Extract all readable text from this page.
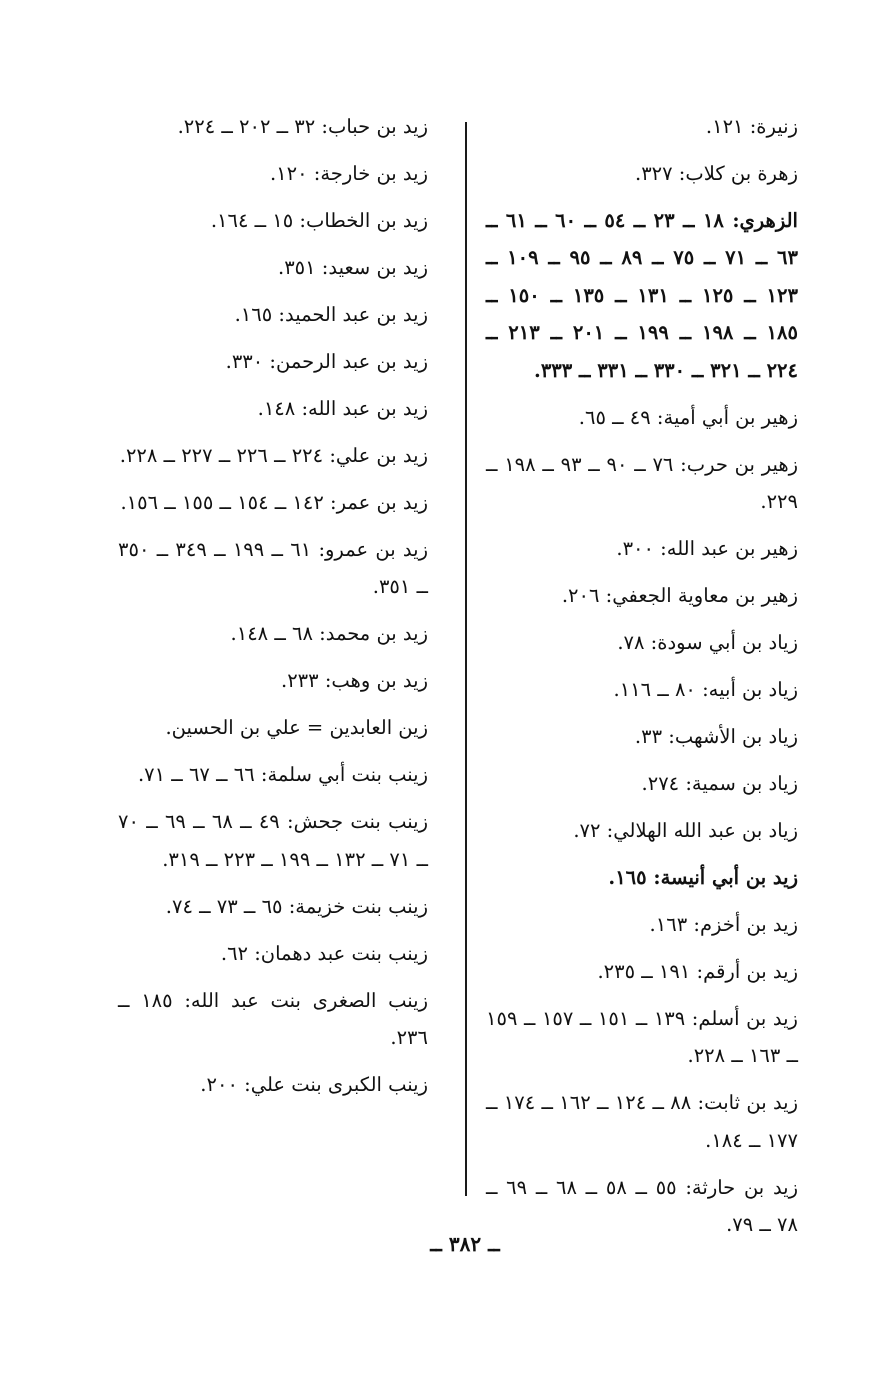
زنيرة: ١٢١.
زهرة بن كلاب: ٣٢٧.
الزهري: ١٨ ــ ٢٣ ــ ٥٤ ــ ٦٠ ــ ٦١ ــ ٦٣ ــ ٧١ ــ ٧٥ ــ ٨٩ ــ ٩٥ ــ ١٠٩ ــ ١٢٣ ــ ١٢٥ ــ ١٣١ ــ ١٣٥ ــ ١٥٠ ــ ١٨٥ ــ ١٩٨ ــ ١٩٩ ــ ٢٠١ ــ ٢١٣ ــ ٢٢٤ ــ ٣٢١ ــ ٣٣٠ ــ ٣٣١ ــ ٣٣٣.
زهير بن أبي أمية: ٤٩ ــ ٦٥.
زهير بن حرب: ٧٦ ــ ٩٠ ــ ٩٣ ــ ١٩٨ ــ ٢٢٩.
زهير بن عبد الله: ٣٠٠.
زهير بن معاوية الجعفي: ٢٠٦.
زياد بن أبي سودة: ٧٨.
زياد بن أبيه: ٨٠ ــ ١١٦.
زياد بن الأشهب: ٣٣.
زياد بن سمية: ٢٧٤.
زياد بن عبد الله الهلالي: ٧٢.
زيد بن أبي أنيسة: ١٦٥.
زيد بن أخزم: ١٦٣.
زيد بن أرقم: ١٩١ ــ ٢٣٥.
زيد بن أسلم: ١٣٩ ــ ١٥١ ــ ١٥٧ ــ ١٥٩ ــ ١٦٣ ــ ٢٢٨.
زيد بن ثابت: ٨٨ ــ ١٢٤ ــ ١٦٢ ــ ١٧٤ ــ ١٧٧ ــ ١٨٤.
زيد بن حارثة: ٥٥ ــ ٥٨ ــ ٦٨ ــ ٦٩ ــ ٧٨ ــ ٧٩.
زيد بن حباب: ٣٢ ــ ٢٠٢ ــ ٢٢٤.
زيد بن خارجة: ١٢٠.
زيد بن الخطاب: ١٥ ــ ١٦٤.
زيد بن سعيد: ٣٥١.
زيد بن عبد الحميد: ١٦٥.
زيد بن عبد الرحمن: ٣٣٠.
زيد بن عبد الله: ١٤٨.
زيد بن علي: ٢٢٤ ــ ٢٢٦ ــ ٢٢٧ ــ ٢٢٨.
زيد بن عمر: ١٤٢ ــ ١٥٤ ــ ١٥٥ ــ ١٥٦.
زيد بن عمرو: ٦١ ــ ١٩٩ ــ ٣٤٩ ــ ٣٥٠ ــ ٣٥١.
زيد بن محمد: ٦٨ ــ ١٤٨.
زيد بن وهب: ٢٣٣.
زين العابدين = علي بن الحسين.
زينب بنت أبي سلمة: ٦٦ ــ ٦٧ ــ ٧١.
زينب بنت جحش: ٤٩ ــ ٦٨ ــ ٦٩ ــ ٧٠ ــ ٧١ ــ ١٣٢ ــ ١٩٩ ــ ٢٢٣ ــ ٣١٩.
زينب بنت خزيمة: ٦٥ ــ ٧٣ ــ ٧٤.
زينب بنت عبد دهمان: ٦٢.
زينب الصغرى بنت عبد الله: ١٨٥ ــ ٢٣٦.
زينب الكبرى بنت علي: ٢٠٠.
ــ ٣٨٢ ــ
